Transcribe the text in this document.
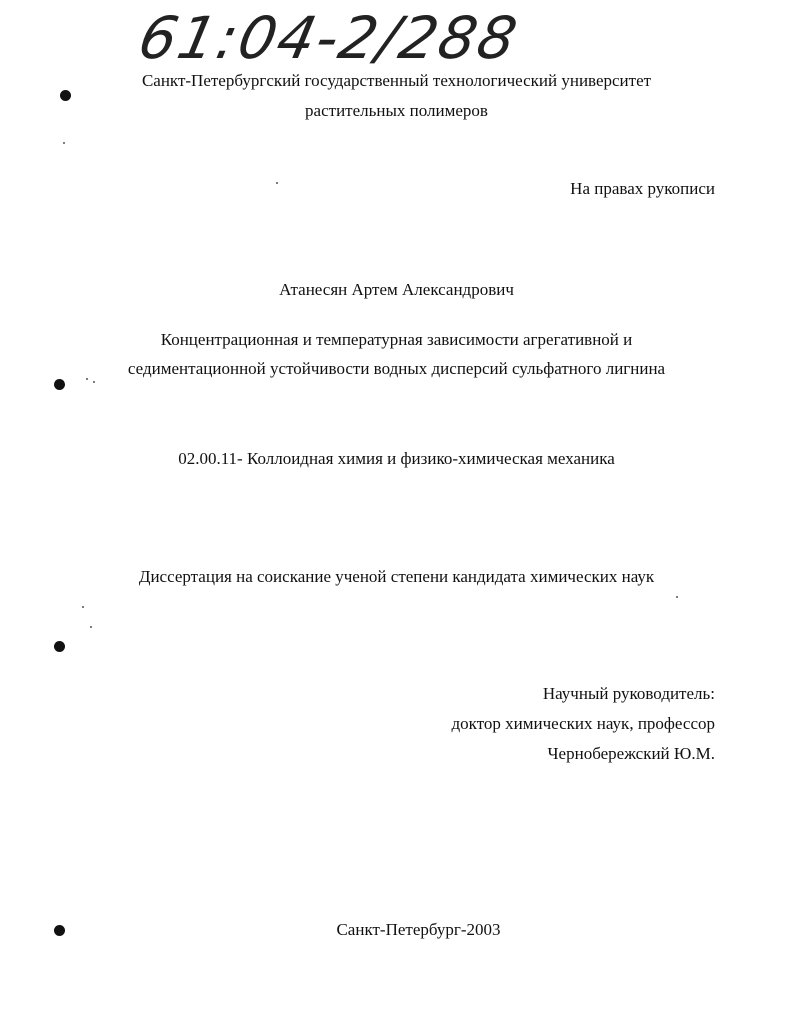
61:04-2/288
Санкт-Петербургский государственный технологический университет
растительных полимеров
На правах рукописи
Атанесян Артем Александрович
Концентрационная и температурная зависимости агрегативной и
седиментационной устойчивости водных дисперсий сульфатного лигнина
02.00.11- Коллоидная химия и физико-химическая механика
Диссертация на соискание ученой степени кандидата химических наук
Научный руководитель:
доктор химических наук, профессор
Чернобережский Ю.М.
Санкт-Петербург-2003
